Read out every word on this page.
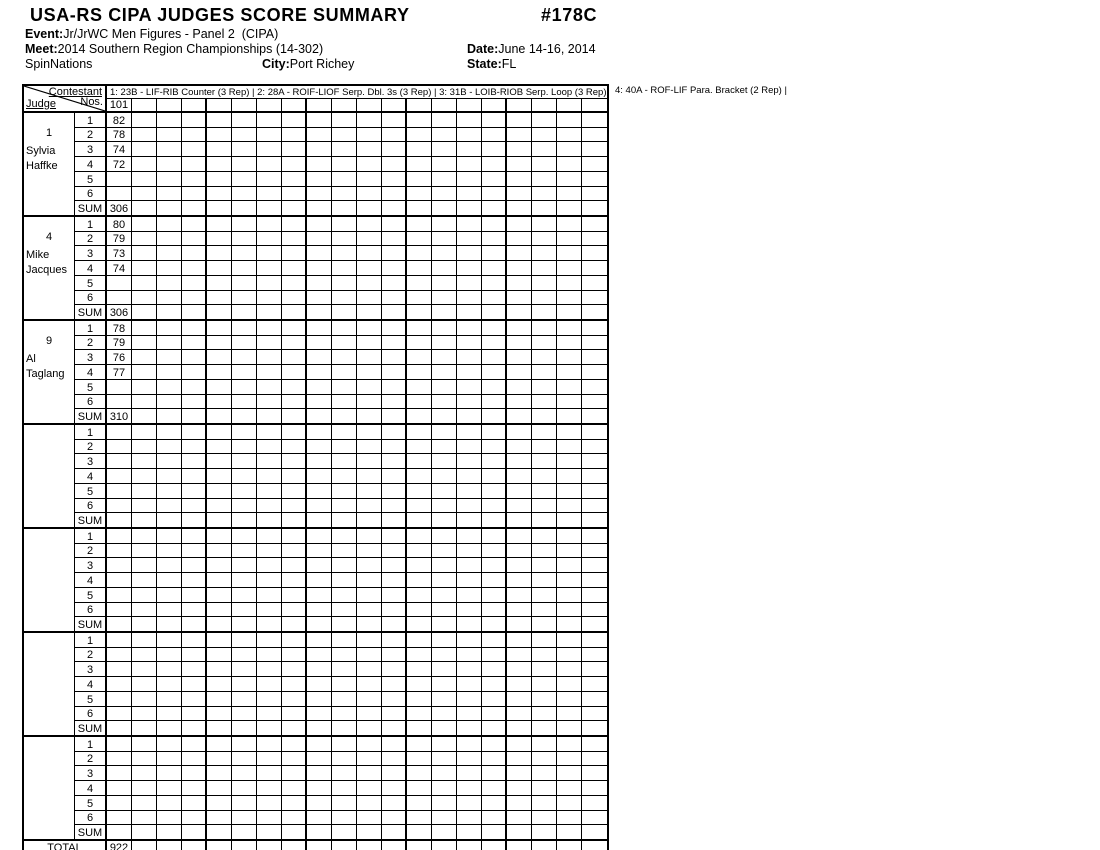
USA-RS CIPA JUDGES SCORE SUMMARY	#178C
Event:Jr/JrWC Men Figures - Panel 2  (CIPA)
Meet:2014 Southern Region Championships (14-302)	Date:June 14-16, 2014
SpinNations	City:Port Richey	State:FL
Contestant
Nos.
Judge
1: 23B - LIF-RIB Counter (3 Rep) | 2: 28A - ROIF-LIOF Serp. Dbl. 3s (3 Rep) | 3: 31B - LOIB-RIOB Serp. Loop (3 Rep)
101
1
Sylvia
Haffke
1	82
2	78
3	74
4	72
5
6
SUM 306
4
Mike
Jacques
1	80
2	79
3	73
4	74
5
6
SUM 306
9
Al
Taglang
1	78
2	79
3	76
4	77
5
6
SUM 310
1
2
3
4
5
6
SUM
1
2
3
4
5
6
SUM
1
2
3
4
5
6
SUM
1
2
3
4
5
6
SUM
TOTAL	922
4: 40A - ROF-LIF Para. Bracket (2 Rep) |
